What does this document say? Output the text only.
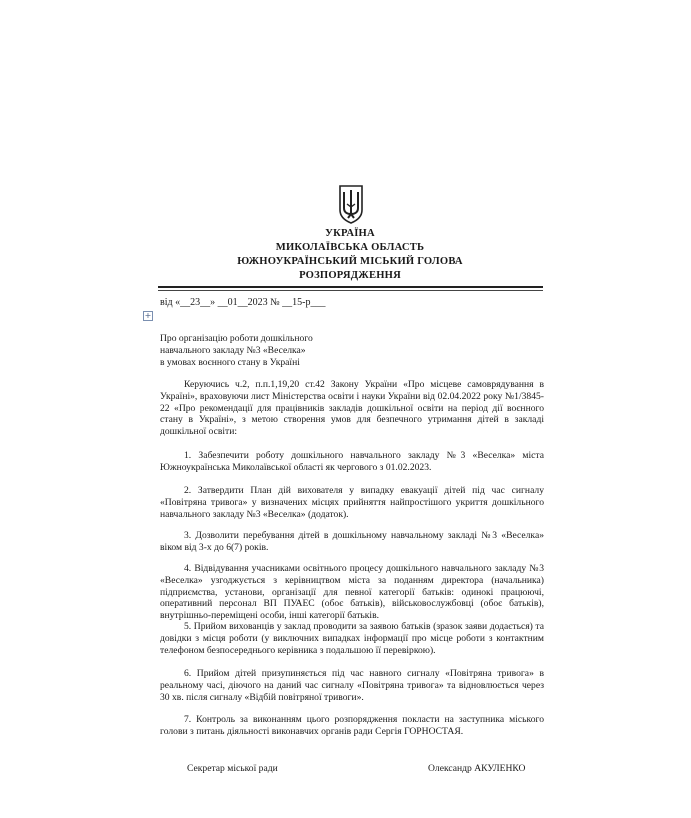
УКРАЇНА
МИКОЛАЇВСЬКА ОБЛАСТЬ
ЮЖНОУКРАЇНСЬКИЙ МІСЬКИЙ ГОЛОВА
РОЗПОРЯДЖЕННЯ
від «__23__» __01__2023 № __15-р___
+
Про організацію роботи дошкільного
навчального закладу №3 «Веселка»
в умовах воєнного стану в Україні
Керуючись ч.2, п.п.1,19,20 ст.42 Закону України «Про місцеве самоврядування в Україні», враховуючи лист Міністерства освіти і науки України від 02.04.2022 року №1/3845-22 «Про рекомендації для працівників закладів дошкільної освіти на період дії воєнного стану в Україні», з метою створення умов для безпечного утримання дітей в закладі дошкільної освіти:
1. Забезпечити роботу дошкільного навчального закладу №3 «Веселка» міста Южноукраїнська Миколаївської області як чергового з 01.02.2023.
2. Затвердити План дій вихователя у випадку евакуації дітей під час сигналу «Повітряна тривога» у визначених місцях прийняття найпростішого укриття дошкільного навчального закладу №3 «Веселка» (додаток).
3. Дозволити перебування дітей в дошкільному навчальному закладі №3 «Веселка» віком від 3-х до 6(7) років.
4. Відвідування учасниками освітнього процесу дошкільного навчального закладу №3 «Веселка» узгоджується з керівництвом міста за поданням директора (начальника) підприємства, установи, організації для певної категорії батьків: одинокі працюючі, оперативний персонал ВП ПУАЕС (обоє батьків), військовослужбовці (обоє батьків), внутрішньо-переміщені особи, інші категорії батьків.
5. Прийом вихованців у заклад проводити за заявою батьків (зразок заяви додається) та довідки з місця роботи (у виключних випадках інформації про місце роботи з контактним телефоном безпосереднього керівника з подальшою її перевіркою).
6. Прийом дітей призупиняється під час навного сигналу «Повітряна тривога» в реальному часі, діючого на даний час сигналу «Повітряна тривога» та відновлюється через 30 хв. після сигналу «Відбій повітряної тривоги».
7. Контроль за виконанням цього розпорядження покласти на заступника міського голови з питань діяльності виконавчих органів ради Сергія ГОРНОСТАЯ.
Секретар міської ради	Олександр АКУЛЕНКО
